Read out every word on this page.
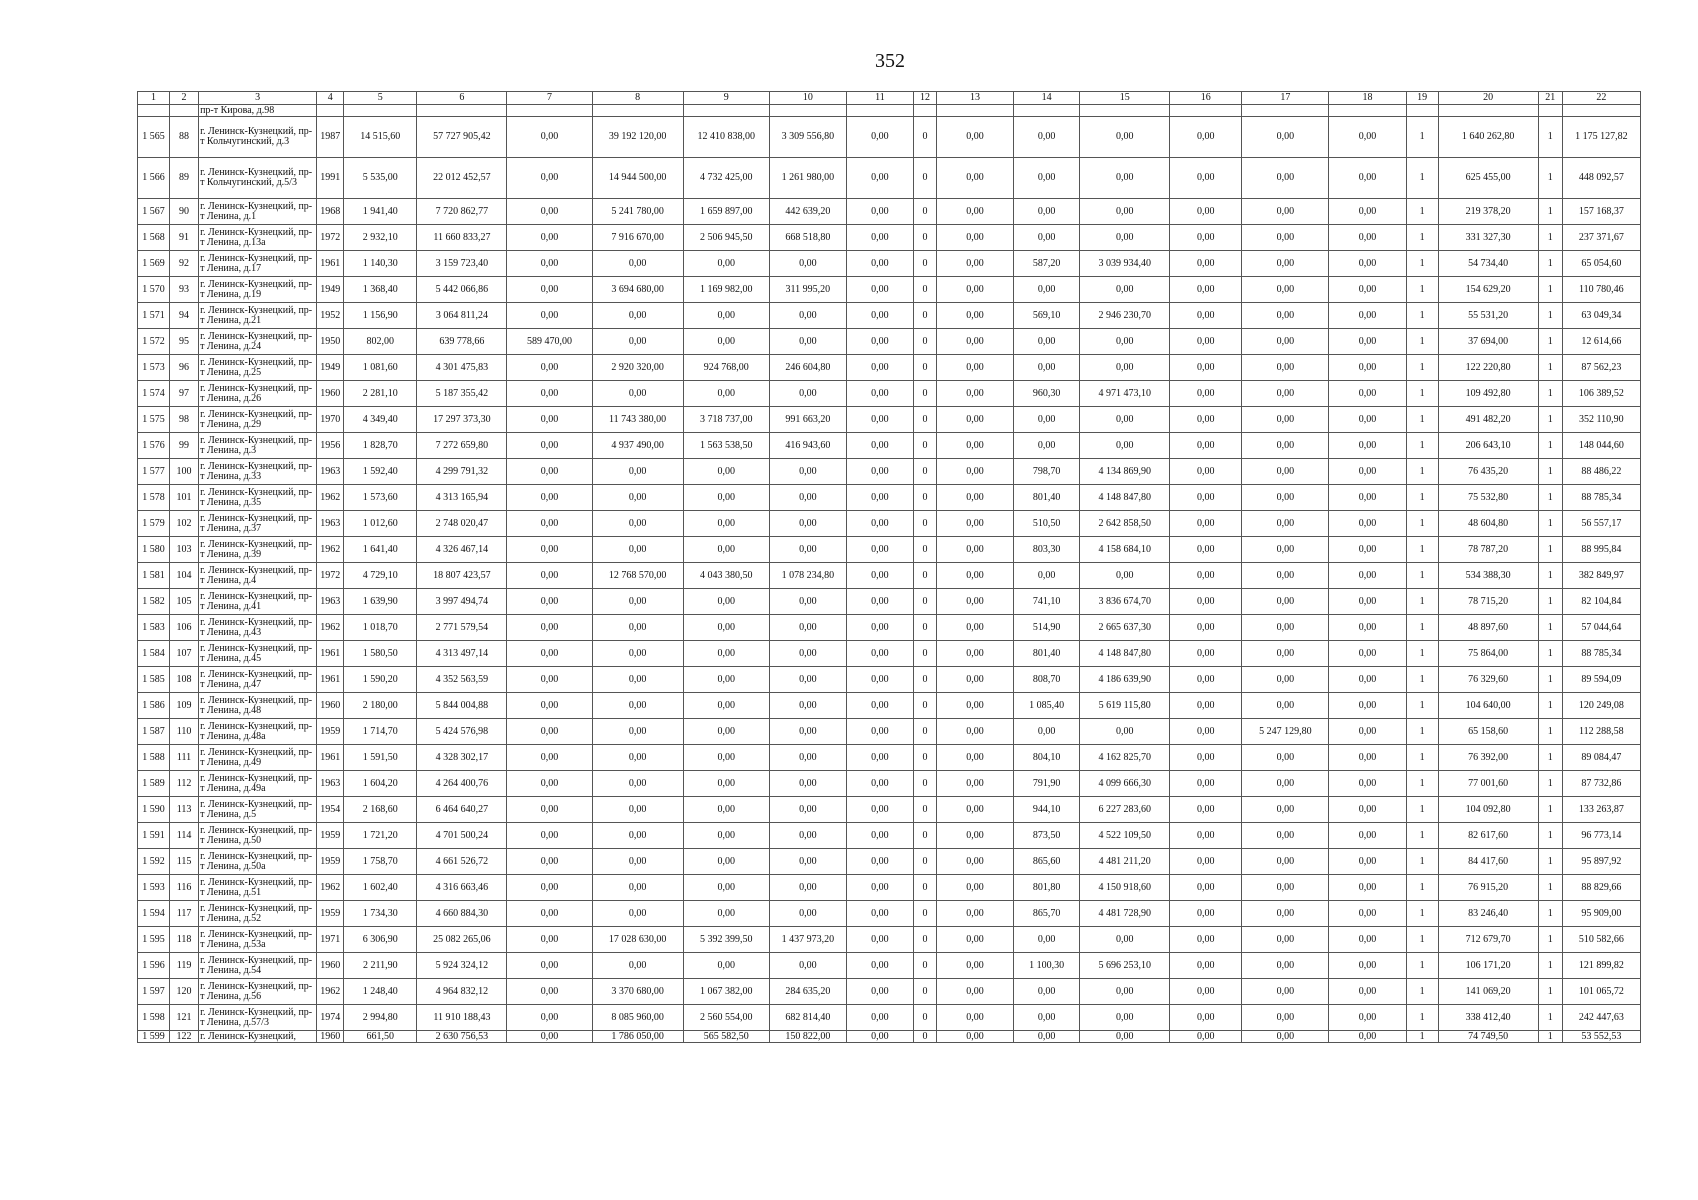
352
1	2	3	4	5	6	7	8	9	10	11	12	13	14	15	16	17	18	19	20	21	22
		пр-т Кирова, д.98																			
1 565	88	г. Ленинск-Кузнецкий, пр-т Кольчугинский, д.3	1987	14 515,60	57 727 905,42	0,00	39 192 120,00	12 410 838,00	3 309 556,80	0,00	0	0,00	0,00	0,00	0,00	0,00	0,00	1	1 640 262,80	1	1 175 127,82
1 566	89	г. Ленинск-Кузнецкий, пр-т Кольчугинский, д.5/3	1991	5 535,00	22 012 452,57	0,00	14 944 500,00	4 732 425,00	1 261 980,00	0,00	0	0,00	0,00	0,00	0,00	0,00	0,00	1	625 455,00	1	448 092,57
1 567	90	г. Ленинск-Кузнецкий, пр-т Ленина, д.1	1968	1 941,40	7 720 862,77	0,00	5 241 780,00	1 659 897,00	442 639,20	0,00	0	0,00	0,00	0,00	0,00	0,00	0,00	1	219 378,20	1	157 168,37
1 568	91	г. Ленинск-Кузнецкий, пр-т Ленина, д.13а	1972	2 932,10	11 660 833,27	0,00	7 916 670,00	2 506 945,50	668 518,80	0,00	0	0,00	0,00	0,00	0,00	0,00	0,00	1	331 327,30	1	237 371,67
1 569	92	г. Ленинск-Кузнецкий, пр-т Ленина, д.17	1961	1 140,30	3 159 723,40	0,00	0,00	0,00	0,00	0,00	0	0,00	587,20	3 039 934,40	0,00	0,00	0,00	1	54 734,40	1	65 054,60
1 570	93	г. Ленинск-Кузнецкий, пр-т Ленина, д.19	1949	1 368,40	5 442 066,86	0,00	3 694 680,00	1 169 982,00	311 995,20	0,00	0	0,00	0,00	0,00	0,00	0,00	0,00	1	154 629,20	1	110 780,46
1 571	94	г. Ленинск-Кузнецкий, пр-т Ленина, д.21	1952	1 156,90	3 064 811,24	0,00	0,00	0,00	0,00	0,00	0	0,00	569,10	2 946 230,70	0,00	0,00	0,00	1	55 531,20	1	63 049,34
1 572	95	г. Ленинск-Кузнецкий, пр-т Ленина, д.24	1950	802,00	639 778,66	589 470,00	0,00	0,00	0,00	0,00	0	0,00	0,00	0,00	0,00	0,00	0,00	1	37 694,00	1	12 614,66
1 573	96	г. Ленинск-Кузнецкий, пр-т Ленина, д.25	1949	1 081,60	4 301 475,83	0,00	2 920 320,00	924 768,00	246 604,80	0,00	0	0,00	0,00	0,00	0,00	0,00	0,00	1	122 220,80	1	87 562,23
1 574	97	г. Ленинск-Кузнецкий, пр-т Ленина, д.26	1960	2 281,10	5 187 355,42	0,00	0,00	0,00	0,00	0,00	0	0,00	960,30	4 971 473,10	0,00	0,00	0,00	1	109 492,80	1	106 389,52
1 575	98	г. Ленинск-Кузнецкий, пр-т Ленина, д.29	1970	4 349,40	17 297 373,30	0,00	11 743 380,00	3 718 737,00	991 663,20	0,00	0	0,00	0,00	0,00	0,00	0,00	0,00	1	491 482,20	1	352 110,90
1 576	99	г. Ленинск-Кузнецкий, пр-т Ленина, д.3	1956	1 828,70	7 272 659,80	0,00	4 937 490,00	1 563 538,50	416 943,60	0,00	0	0,00	0,00	0,00	0,00	0,00	0,00	1	206 643,10	1	148 044,60
1 577	100	г. Ленинск-Кузнецкий, пр-т Ленина, д.33	1963	1 592,40	4 299 791,32	0,00	0,00	0,00	0,00	0,00	0	0,00	798,70	4 134 869,90	0,00	0,00	0,00	1	76 435,20	1	88 486,22
1 578	101	г. Ленинск-Кузнецкий, пр-т Ленина, д.35	1962	1 573,60	4 313 165,94	0,00	0,00	0,00	0,00	0,00	0	0,00	801,40	4 148 847,80	0,00	0,00	0,00	1	75 532,80	1	88 785,34
1 579	102	г. Ленинск-Кузнецкий, пр-т Ленина, д.37	1963	1 012,60	2 748 020,47	0,00	0,00	0,00	0,00	0,00	0	0,00	510,50	2 642 858,50	0,00	0,00	0,00	1	48 604,80	1	56 557,17
1 580	103	г. Ленинск-Кузнецкий, пр-т Ленина, д.39	1962	1 641,40	4 326 467,14	0,00	0,00	0,00	0,00	0,00	0	0,00	803,30	4 158 684,10	0,00	0,00	0,00	1	78 787,20	1	88 995,84
1 581	104	г. Ленинск-Кузнецкий, пр-т Ленина, д.4	1972	4 729,10	18 807 423,57	0,00	12 768 570,00	4 043 380,50	1 078 234,80	0,00	0	0,00	0,00	0,00	0,00	0,00	0,00	1	534 388,30	1	382 849,97
1 582	105	г. Ленинск-Кузнецкий, пр-т Ленина, д.41	1963	1 639,90	3 997 494,74	0,00	0,00	0,00	0,00	0,00	0	0,00	741,10	3 836 674,70	0,00	0,00	0,00	1	78 715,20	1	82 104,84
1 583	106	г. Ленинск-Кузнецкий, пр-т Ленина, д.43	1962	1 018,70	2 771 579,54	0,00	0,00	0,00	0,00	0,00	0	0,00	514,90	2 665 637,30	0,00	0,00	0,00	1	48 897,60	1	57 044,64
1 584	107	г. Ленинск-Кузнецкий, пр-т Ленина, д.45	1961	1 580,50	4 313 497,14	0,00	0,00	0,00	0,00	0,00	0	0,00	801,40	4 148 847,80	0,00	0,00	0,00	1	75 864,00	1	88 785,34
1 585	108	г. Ленинск-Кузнецкий, пр-т Ленина, д.47	1961	1 590,20	4 352 563,59	0,00	0,00	0,00	0,00	0,00	0	0,00	808,70	4 186 639,90	0,00	0,00	0,00	1	76 329,60	1	89 594,09
1 586	109	г. Ленинск-Кузнецкий, пр-т Ленина, д.48	1960	2 180,00	5 844 004,88	0,00	0,00	0,00	0,00	0,00	0	0,00	1 085,40	5 619 115,80	0,00	0,00	0,00	1	104 640,00	1	120 249,08
1 587	110	г. Ленинск-Кузнецкий, пр-т Ленина, д.48а	1959	1 714,70	5 424 576,98	0,00	0,00	0,00	0,00	0,00	0	0,00	0,00	0,00	0,00	5 247 129,80	0,00	1	65 158,60	1	112 288,58
1 588	111	г. Ленинск-Кузнецкий, пр-т Ленина, д.49	1961	1 591,50	4 328 302,17	0,00	0,00	0,00	0,00	0,00	0	0,00	804,10	4 162 825,70	0,00	0,00	0,00	1	76 392,00	1	89 084,47
1 589	112	г. Ленинск-Кузнецкий, пр-т Ленина, д.49а	1963	1 604,20	4 264 400,76	0,00	0,00	0,00	0,00	0,00	0	0,00	791,90	4 099 666,30	0,00	0,00	0,00	1	77 001,60	1	87 732,86
1 590	113	г. Ленинск-Кузнецкий, пр-т Ленина, д.5	1954	2 168,60	6 464 640,27	0,00	0,00	0,00	0,00	0,00	0	0,00	944,10	6 227 283,60	0,00	0,00	0,00	1	104 092,80	1	133 263,87
1 591	114	г. Ленинск-Кузнецкий, пр-т Ленина, д.50	1959	1 721,20	4 701 500,24	0,00	0,00	0,00	0,00	0,00	0	0,00	873,50	4 522 109,50	0,00	0,00	0,00	1	82 617,60	1	96 773,14
1 592	115	г. Ленинск-Кузнецкий, пр-т Ленина, д.50а	1959	1 758,70	4 661 526,72	0,00	0,00	0,00	0,00	0,00	0	0,00	865,60	4 481 211,20	0,00	0,00	0,00	1	84 417,60	1	95 897,92
1 593	116	г. Ленинск-Кузнецкий, пр-т Ленина, д.51	1962	1 602,40	4 316 663,46	0,00	0,00	0,00	0,00	0,00	0	0,00	801,80	4 150 918,60	0,00	0,00	0,00	1	76 915,20	1	88 829,66
1 594	117	г. Ленинск-Кузнецкий, пр-т Ленина, д.52	1959	1 734,30	4 660 884,30	0,00	0,00	0,00	0,00	0,00	0	0,00	865,70	4 481 728,90	0,00	0,00	0,00	1	83 246,40	1	95 909,00
1 595	118	г. Ленинск-Кузнецкий, пр-т Ленина, д.53а	1971	6 306,90	25 082 265,06	0,00	17 028 630,00	5 392 399,50	1 437 973,20	0,00	0	0,00	0,00	0,00	0,00	0,00	0,00	1	712 679,70	1	510 582,66
1 596	119	г. Ленинск-Кузнецкий, пр-т Ленина, д.54	1960	2 211,90	5 924 324,12	0,00	0,00	0,00	0,00	0,00	0	0,00	1 100,30	5 696 253,10	0,00	0,00	0,00	1	106 171,20	1	121 899,82
1 597	120	г. Ленинск-Кузнецкий, пр-т Ленина, д.56	1962	1 248,40	4 964 832,12	0,00	3 370 680,00	1 067 382,00	284 635,20	0,00	0	0,00	0,00	0,00	0,00	0,00	0,00	1	141 069,20	1	101 065,72
1 598	121	г. Ленинск-Кузнецкий, пр-т Ленина, д.57/3	1974	2 994,80	11 910 188,43	0,00	8 085 960,00	2 560 554,00	682 814,40	0,00	0	0,00	0,00	0,00	0,00	0,00	0,00	1	338 412,40	1	242 447,63
1 599	122	г. Ленинск-Кузнецкий,	1960	661,50	2 630 756,53	0,00	1 786 050,00	565 582,50	150 822,00	0,00	0	0,00	0,00	0,00	0,00	0,00	0,00	1	74 749,50	1	53 552,53
